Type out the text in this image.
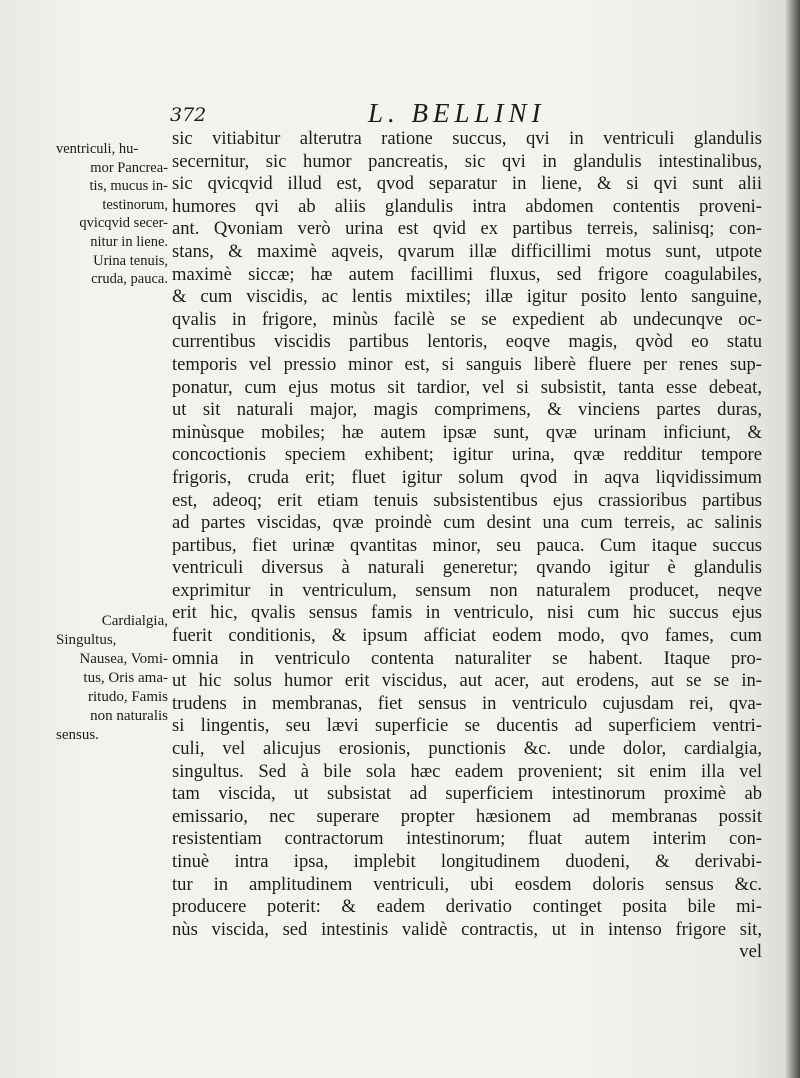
372	L. BELLINI
ventriculi, hu-
mor Pancrea-
tis, mucus in-
testinorum,
qvicqvid secer-
nitur in liene.
Urina tenuis,
cruda, pauca.
Cardialgia,
Singultus,
Nausea, Vomi-
tus, Oris ama-
ritudo, Famis
non naturalis
sensus.
sic vitiabitur alterutra ratione succus, qvi in ventriculi glandulis
secernitur, sic humor pancreatis, sic qvi in glandulis intestinalibus,
sic qvicqvid illud est, qvod separatur in liene, & si qvi sunt alii
humores qvi ab aliis glandulis intra abdomen contentis proveni-
ant. Qvoniam verò urina est qvid ex partibus terreis, salinisq; con-
stans, & maximè aqveis, qvarum illæ difficillimi motus sunt, utpote
maximè siccæ; hæ autem facillimi fluxus, sed frigore coagulabiles,
& cum viscidis, ac lentis mixtiles; illæ igitur posito lento sanguine,
qvalis in frigore, minùs facilè se se expedient ab undecunqve oc-
currentibus viscidis partibus lentoris, eoqve magis, qvòd eo statu
temporis vel pressio minor est, si sanguis liberè fluere per renes sup-
ponatur, cum ejus motus sit tardior, vel si subsistit, tanta esse debeat,
ut sit naturali major, magis comprimens, & vinciens partes duras,
minùsque mobiles; hæ autem ipsæ sunt, qvæ urinam inficiunt, &
concoctionis speciem exhibent; igitur urina, qvæ redditur tempore
frigoris, cruda erit; fluet igitur solum qvod in aqva liqvidissimum
est, adeoq; erit etiam tenuis subsistentibus ejus crassioribus partibus
ad partes viscidas, qvæ proindè cum desint una cum terreis, ac salinis
partibus, fiet urinæ qvantitas minor, seu pauca. Cum itaque succus
ventriculi diversus à naturali generetur; qvando igitur è glandulis
exprimitur in ventriculum, sensum non naturalem producet, neqve
erit hic, qvalis sensus famis in ventriculo, nisi cum hic succus ejus
fuerit conditionis, & ipsum afficiat eodem modo, qvo fames, cum
omnia in ventriculo contenta naturaliter se habent. Itaque pro-
ut hic solus humor erit viscidus, aut acer, aut erodens, aut se se in-
trudens in membranas, fiet sensus in ventriculo cujusdam rei, qva-
si lingentis, seu lævi superficie se ducentis ad superficiem ventri-
culi, vel alicujus erosionis, punctionis &c. unde dolor, cardialgia,
singultus. Sed à bile sola hæc eadem provenient; sit enim illa vel
tam viscida, ut subsistat ad superficiem intestinorum proximè ab
emissario, nec superare propter hæsionem ad membranas possit
resistentiam contractorum intestinorum; fluat autem interim con-
tinuè intra ipsa, implebit longitudinem duodeni, & derivabi-
tur in amplitudinem ventriculi, ubi eosdem doloris sensus &c.
producere poterit: & eadem derivatio continget posita bile mi-
nùs viscida, sed intestinis validè contractis, ut in intenso frigore sit,
vel
